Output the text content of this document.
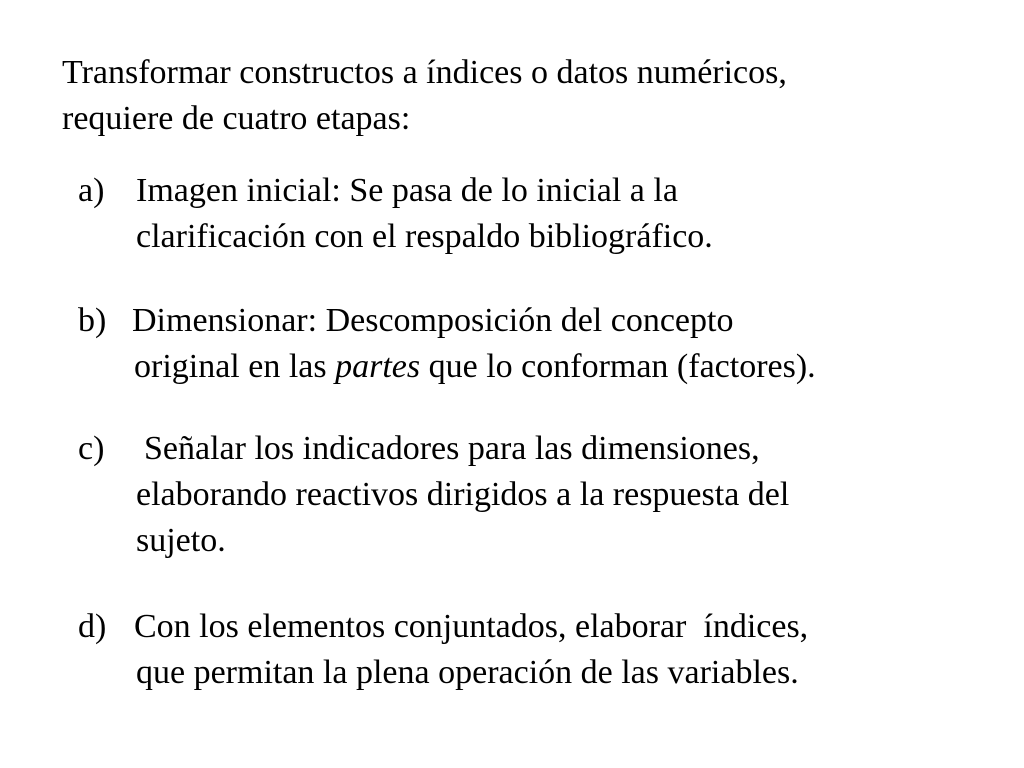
Transformar constructos a índices o datos numéricos,
requiere de cuatro etapas:
a) Imagen inicial: Se pasa de lo inicial a la
clarificación con el respaldo bibliográfico.
b) Dimensionar: Descomposición del concepto
original en las partes que lo conforman (factores).
c) Señalar los indicadores para las dimensiones,
elaborando reactivos dirigidos a la respuesta del
sujeto.
d) Con los elementos conjuntados, elaborar  índices,
que permitan la plena operación de las variables.
